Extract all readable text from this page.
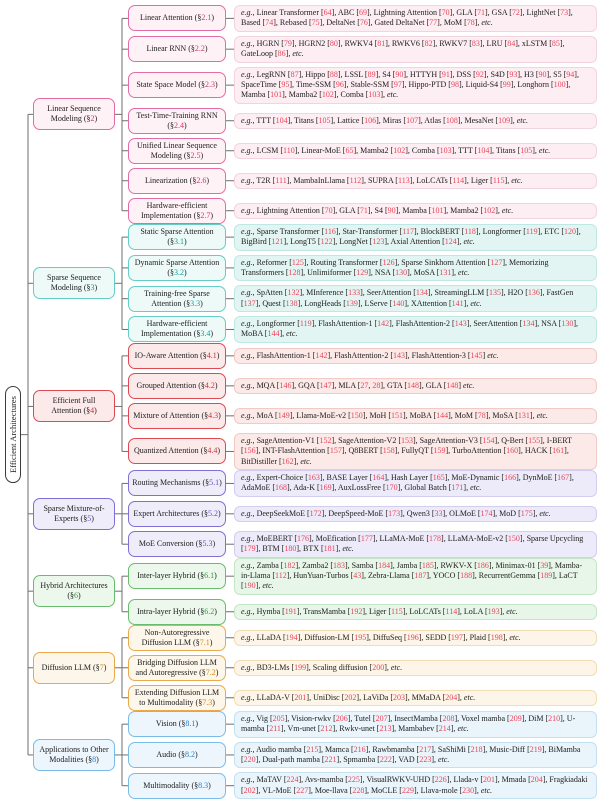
Efficient Architectures
Linear Sequence Modeling (§2)
Linear Attention (§2.1)
e.g., Linear Transformer [64], ABC [69], Lightning Attention [70], GLA [71], GSA [72], LightNet [73], Based [74], Rebased [75], DeltaNet [76], Gated DeltaNet [77], MoM [78], etc.
Linear RNN (§2.2)
e.g., HGRN [79], HGRN2 [80], RWKV4 [81], RWKV6 [82], RWKV7 [83], LRU [84], xLSTM [85], GateLoop [86], etc.
State Space Model (§2.3)
e.g., LegRNN [87], Hippo [88], LSSL [89], S4 [90], HTTYH [91], DSS [92], S4D [93], H3 [90], S5 [94], SpaceTime [95], Time-SSM [96], Stable-SSM [97], Hippo-PTD [98], Liquid-S4 [99], Longhorn [100], Mamba [101], Mamba2 [102], Comba [103], etc.
Test-Time-Training RNN (§2.4)
e.g., TTT [104], Titans [105], Lattice [106], Miras [107], Atlas [108], MesaNet [109], etc.
Unified Linear Sequence Modeling (§2.5)
e.g., LCSM [110], Linear-MoE [65], Mamba2 [102], Comba [103], TTT [104], Titans [105], etc.
Linearization (§2.6)	e.g., T2R [111], MambaInLlama [112], SUPRA [113], LoLCATs [114], Liger [115], etc.
Hardware-efficient Implementation (§2.7)
e.g., Lightning Attention [70], GLA [71], S4 [90], Mamba [101], Mamba2 [102], etc.
Sparse Sequence Modeling (§3)
Static Sparse Attention (§3.1)
e.g., Sparse Transformer [116], Star-Transformer [117], BlockBERT [118], Longformer [119], ETC [120], BigBird [121], LongT5 [122], LongNet [123], Axial Attention [124], etc.
Dynamic Sparse Attention (§3.2)
e.g., Reformer [125], Routing Transformer [126], Sparse Sinkhorn Attention [127], Memorizing Transformers [128], Unlimiformer [129], NSA [130], MoSA [131], etc.
Training-free Sparse Attention (§3.3)
e.g., SpAtten [132], MInference [133], SeerAttention [134], StreamingLLM [135], H2O [136], FastGen [137], Quest [138], LongHeads [139], LServe [140], XAttention [141], etc.
Hardware-efficient Implementation (§3.4)
e.g., Longformer [119], FlashAttention-1 [142], FlashAttention-2 [143], SeerAttention [134], NSA [130], MoBA [144], etc.
Efficient Full Attention (§4)
IO-Aware Attention (§4.1)	e.g., FlashAttention-1 [142], FlashAttention-2 [143], FlashAttention-3 [145] etc.
Grouped Attention (§4.2)	e.g., MQA [146], GQA [147], MLA [27, 28], GTA [148], GLA [148] etc.
Mixture of Attention (§4.3)	e.g., MoA [149], Llama-MoE-v2 [150], MoH [151], MoBA [144], MoM [78], MoSA [131], etc.
Quantized Attention (§4.4)
e.g., SageAttention-V1 [152], SageAttention-V2 [153], SageAttention-V3 [154], Q-Bert [155], I-BERT [156], INT-FlashAttention [157], Q8BERT [158], FullyQT [159], TurboAttention [160], HACK [161], BitDistiller [162], etc.
Sparse Mixture-of-Experts (§5)
Routing Mechanisms (§5.1)
e.g., Expert-Choice [163], BASE Layer [164], Hash Layer [165], MoE-Dynamic [166], DynMoE [167], AdaMoE [168], Ada-K [169], AuxLossFree [170], Global Batch [171], etc.
Expert Architectures (§5.2)	e.g., DeepSeekMoE [172], DeepSpeed-MoE [173], Qwen3 [33], OLMoE [174], MoD [175], etc.
MoE Conversion (§5.3)
e.g., MoEBERT [176], MoEfication [177], LLaMA-MoE [178], LLaMA-MoE-v2 [150], Sparse Upcycling [179], BTM [180], BTX [181], etc.
Hybrid Architectures (§6)
Inter-layer Hybrid (§6.1)
e.g., Zamba [182], Zamba2 [183], Samba [184], Jamba [185], RWKV-X [186], Minimax-01 [39], Mamba-in-Llama [112], HunYuan-Turbos [43], Zebra-Llama [187], YOCO [188], RecurrentGemma [189], LaCT [190], etc.
Intra-layer Hybrid (§6.2)	e.g., Hymba [191], TransMamba [192], Liger [115], LoLCATs [114], LoLA [193], etc.
Diffusion LLM (§7)
Non-Autoregressive Diffusion LLM (§7.1)
e.g., LLaDA [194], Diffusion-LM [195], DiffuSeq [196], SEDD [197], Plaid [198], etc.
Bridging Diffusion LLM and Autoregressive (§7.2)
e.g., BD3-LMs [199], Scaling diffusion [200], etc.
Extending Diffusion LLM to Multimodality (§7.3)
e.g., LLaDA-V [201], UniDisc [202], LaViDa [203], MMaDA [204], etc.
Applications to Other Modalities (§8)
Vision (§8.1)
e.g., Vig [205], Vision-rwkv [206], Tutel [207], InsectMamba [208], Voxel mamba [209], DiM [210], U-mamba [211], Vm-unet [212], Rwkv-unet [213], Mambabev [214], etc.
Audio (§8.2)
e.g., Audio mamba [215], Mamca [216], Rawbmamba [217], SaShiMi [218], Music-Diff [219], BiMamba [220], Dual-path mamba [221], Spmamba [222], VAD [223], etc.
Multimodality (§8.3)
e.g., MaTAV [224], Avs-mamba [225], VisualRWKV-UHD [226], Llada-v [201], Mmada [204], Fragkiadaki [202], VL-MoE [227], Moe-llava [228], MoCLE [229], Llava-mole [230], etc.
